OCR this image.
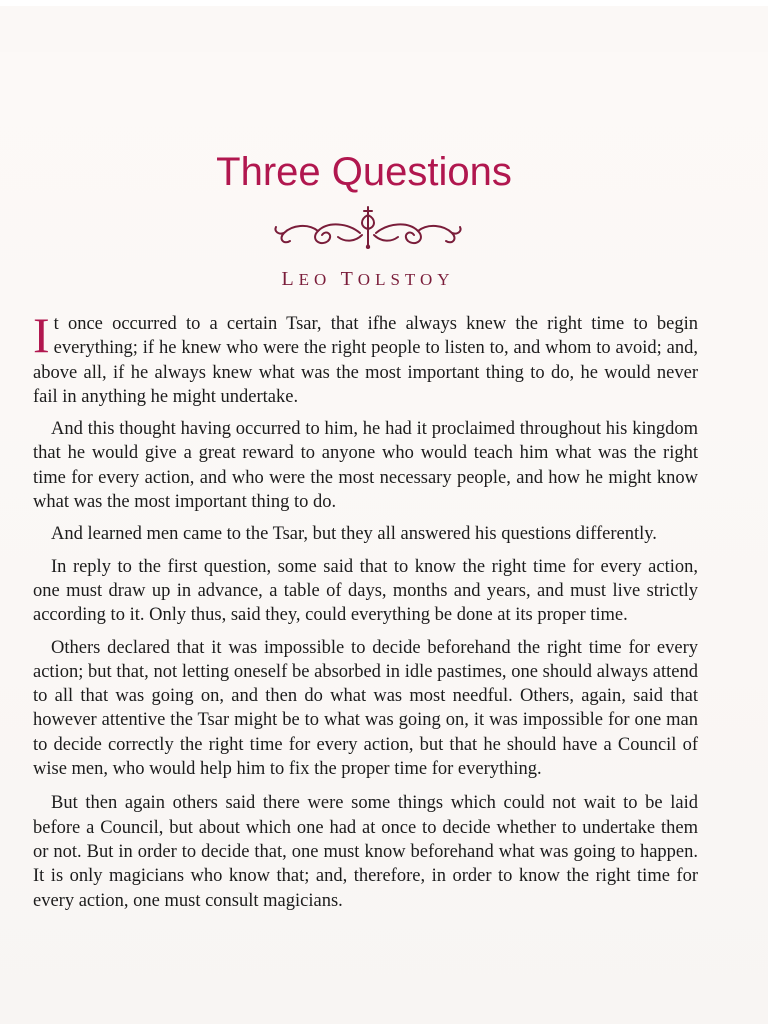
Three Questions
LEO TOLSTOY

It once occurred to a certain Tsar, that ifhe always knew the right time to begin everything; if he knew who were the right people to listen to, and whom to avoid; and, above all, if he always knew what was the most important thing to do, he would never fail in anything he might undertake.

And this thought having occurred to him, he had it proclaimed throughout his kingdom that he would give a great reward to anyone who would teach him what was the right time for every action, and who were the most necessary people, and how he might know what was the most important thing to do.

And learned men came to the Tsar, but they all answered his questions differently.

In reply to the first question, some said that to know the right time for every action, one must draw up in advance, a table of days, months and years, and must live strictly according to it. Only thus, said they, could everything be done at its proper time.

Others declared that it was impossible to decide beforehand the right time for every action; but that, not letting oneself be absorbed in idle pastimes, one should always attend to all that was going on, and then do what was most needful. Others, again, said that however attentive the Tsar might be to what was going on, it was impossible for one man to decide correctly the right time for every action, but that he should have a Council of wise men, who would help him to fix the proper time for everything.

But then again others said there were some things which could not wait to be laid before a Council, but about which one had at once to decide whether to undertake them or not. But in order to decide that, one must know beforehand what was going to happen. It is only magicians who know that; and, therefore, in order to know the right time for every action, one must consult magicians.
